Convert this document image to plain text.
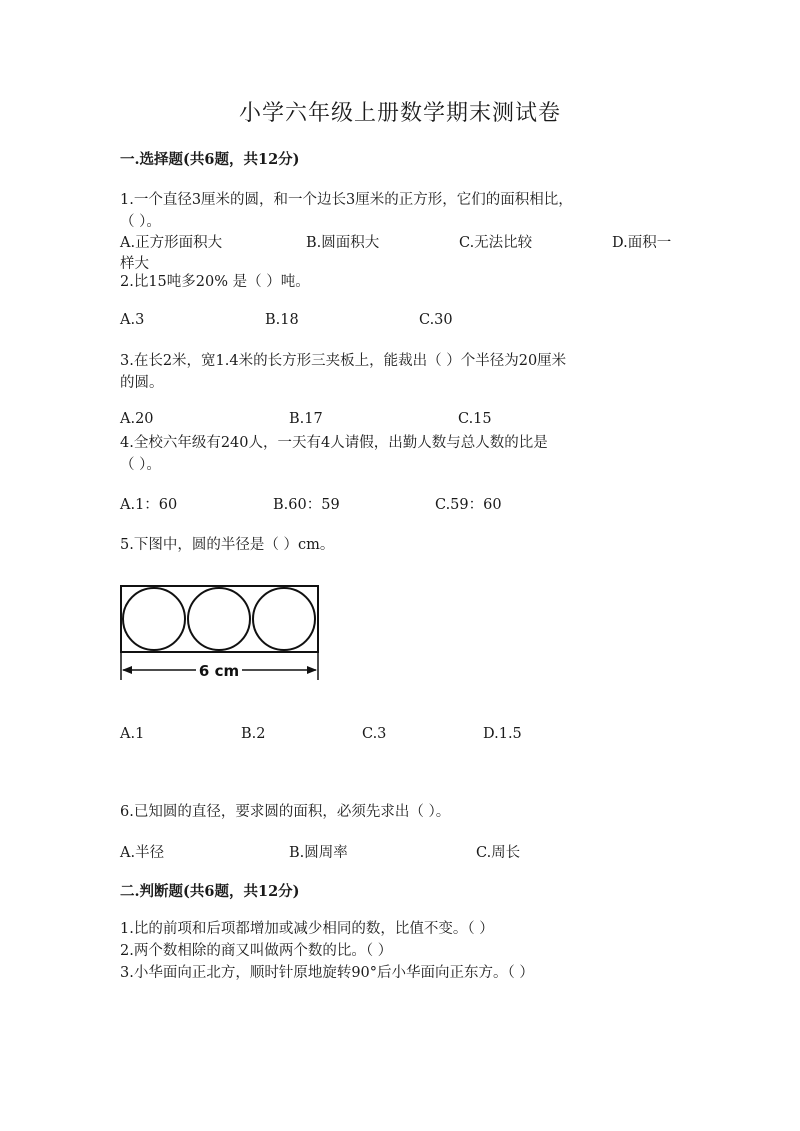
小学六年级上册数学期末测试卷
一.选择题(共6题，共12分)
1.一个直径3厘米的圆，和一个边长3厘米的正方形，它们的面积相比，
（ ）。
A.正方形面积大	B.圆面积大	C.无法比较	D.面积一
样大
2.比15吨多20% 是（ ）吨。
A.3	B.18	C.30
3.在长2米，宽1.4米的长方形三夹板上，能裁出（ ）个半径为20厘米
的圆。
A.20	B.17	C.15
4.全校六年级有240人，一天有4人请假，出勤人数与总人数的比是
（ ）。
A.1：60	B.60：59	C.59：60
5.下图中，圆的半径是（ ）cm。
6 cm
A.1	B.2	C.3	D.1.5
6.已知圆的直径，要求圆的面积，必须先求出（ ）。
A.半径	B.圆周率	C.周长
二.判断题(共6题，共12分)
1.比的前项和后项都增加或减少相同的数，比值不变。（ ）
2.两个数相除的商又叫做两个数的比。（ ）
3.小华面向正北方，顺时针原地旋转90°后小华面向正东方。（ ）
